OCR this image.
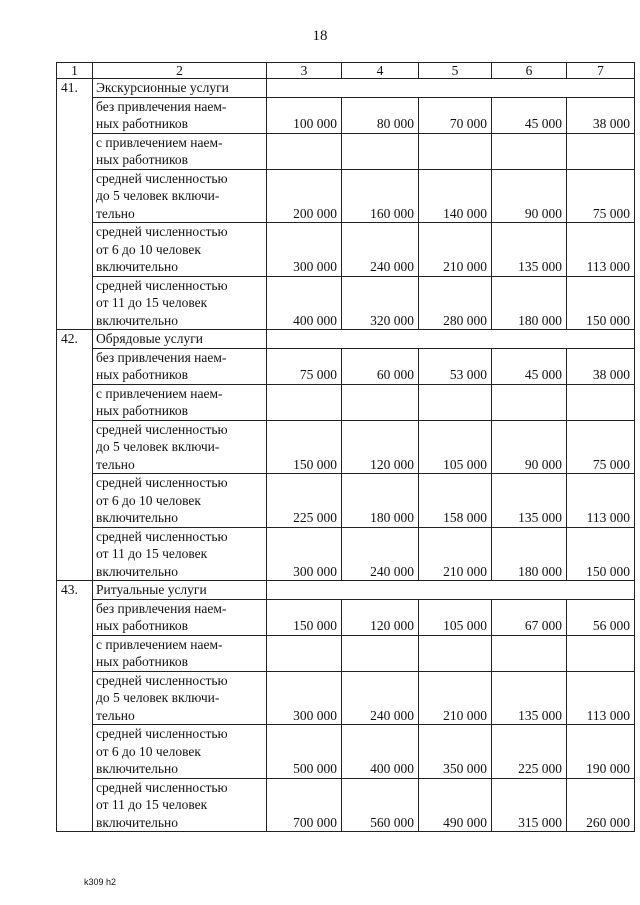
18
1	2	3	4	5	6	7
41.	Экскурсионные услуги					

	без привлечения наем-
ных работников	100 000	80 000	70 000	45 000	38 000

	с привлечением наем-
ных работников					

	средней численностью
до 5 человек включи-
тельно	200 000	160 000	140 000	90 000	75 000

	средней численностью
от 6 до 10 человек
включительно	300 000	240 000	210 000	135 000	113 000

	средней численностью
от 11 до 15 человек
включительно	400 000	320 000	280 000	180 000	150 000
42.	Обрядовые услуги					

	без привлечения наем-
ных работников	75 000	60 000	53 000	45 000	38 000

	с привлечением наем-
ных работников					

	средней численностью
до 5 человек включи-
тельно	150 000	120 000	105 000	90 000	75 000

	средней численностью
от 6 до 10 человек
включительно	225 000	180 000	158 000	135 000	113 000

	средней численностью
от 11 до 15 человек
включительно	300 000	240 000	210 000	180 000	150 000
43.	Ритуальные услуги					

	без привлечения наем-
ных работников	150 000	120 000	105 000	67 000	56 000

	с привлечением наем-
ных работников					

	средней численностью
до 5 человек включи-
тельно	300 000	240 000	210 000	135 000	113 000

	средней численностью
от 6 до 10 человек
включительно	500 000	400 000	350 000	225 000	190 000

	средней численностью
от 11 до 15 человек
включительно	700 000	560 000	490 000	315 000	260 000
k309 h2
